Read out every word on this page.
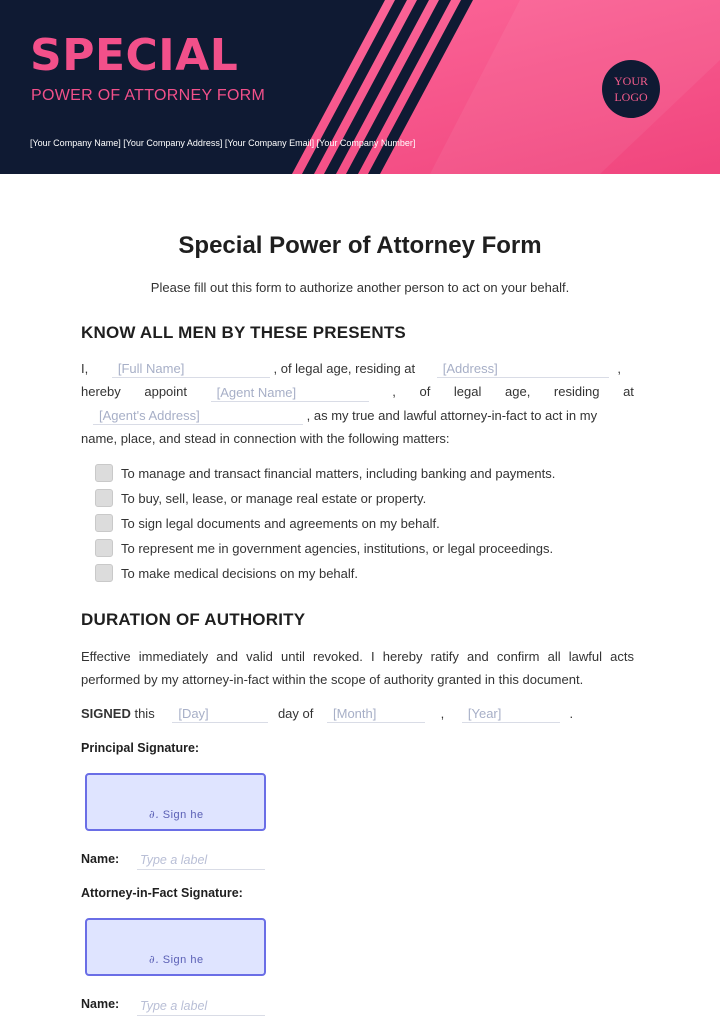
SPECIAL
POWER OF ATTORNEY FORM
[Your Company Name] [Your Company Address] [Your Company Email] [Your Company Number]
YOUR
LOGO
Special Power of Attorney Form
Please fill out this form to authorize another person to act on your behalf.
KNOW ALL MEN BY THESE PRESENTS
I, [Full Name]	, of legal age, residing at [Address]	,
hereby appoint	[Agent Name]	, of legal age, residing at
[Agent's Address]	, as my true and lawful attorney-in-fact to act in my
name, place, and stead in connection with the following matters:
To manage and transact financial matters, including banking and payments.
To buy, sell, lease, or manage real estate or property.
To sign legal documents and agreements on my behalf.
To represent me in government agencies, institutions, or legal proceedings.
To make medical decisions on my behalf.
DURATION OF AUTHORITY
Effective immediately and valid until revoked. I hereby ratify and confirm all lawful acts performed by my attorney-in-fact within the scope of authority granted in this document.
SIGNED this [Day]	day of [Month]	, [Year]	.
Principal Signature:
∂. Sign he
Name: Type a label
Attorney-in-Fact Signature:
∂. Sign he
Name: Type a label
